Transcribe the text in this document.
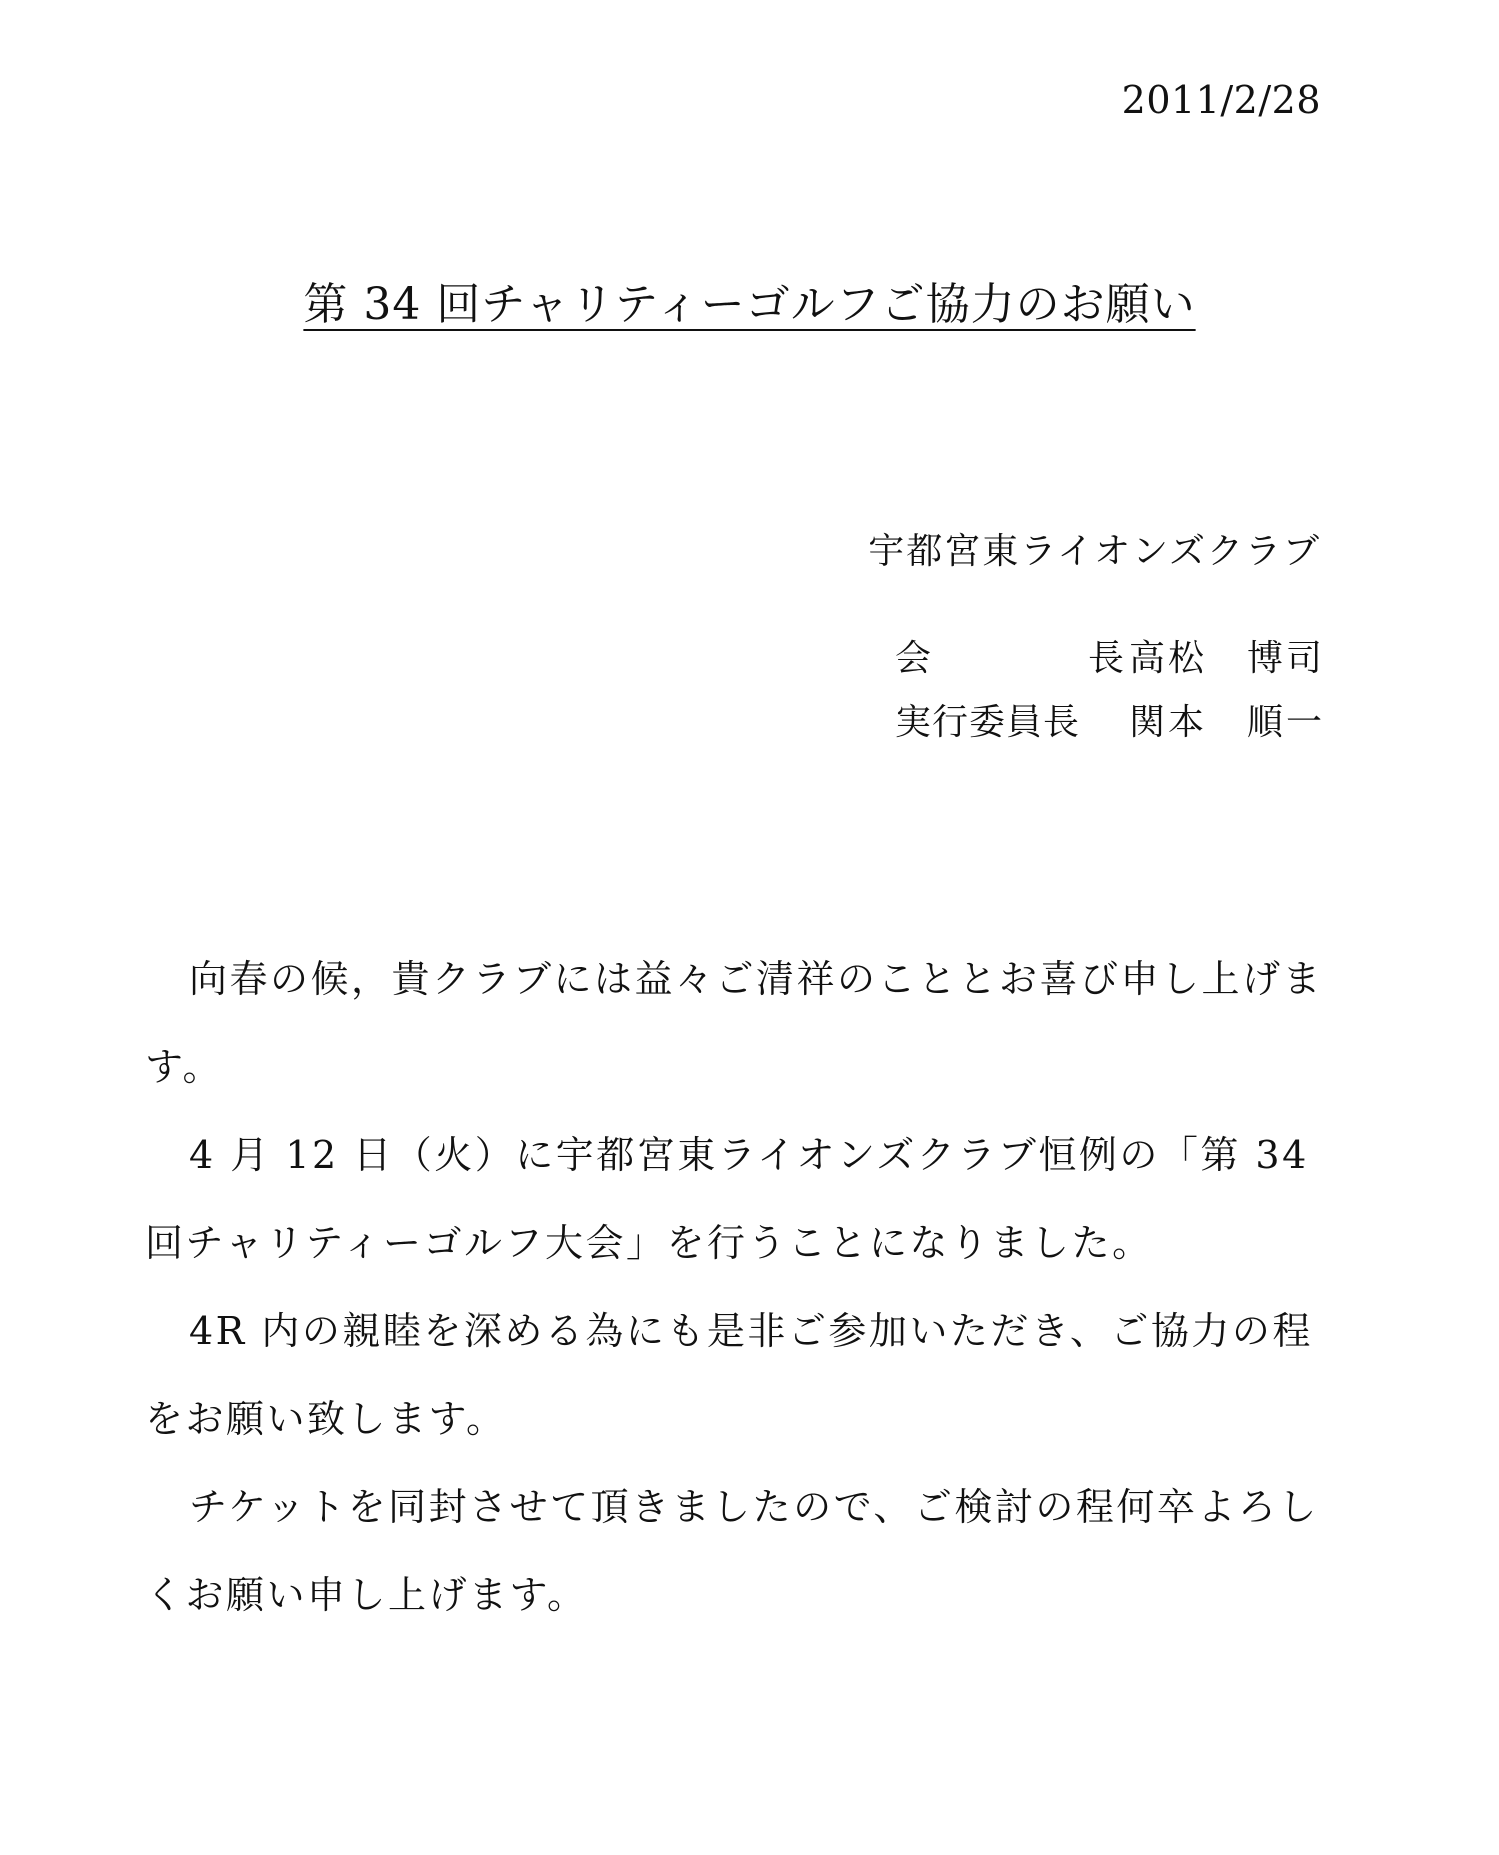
2011/2/28
第 34 回チャリティーゴルフご協力のお願い
宇都宮東ライオンズクラブ
会	長 高松 博司
実行委員長 関本 順一

向春の候，貴クラブには益々ご清祥のこととお喜び申し上げます。

4 月 12 日（火）に宇都宮東ライオンズクラブ恒例の「第 34 回チャリティーゴルフ大会」を行うことになりました。

4R 内の親睦を深める為にも是非ご参加いただき、ご協力の程をお願い致します。

チケットを同封させて頂きましたので、ご検討の程何卒よろしくお願い申し上げます。
